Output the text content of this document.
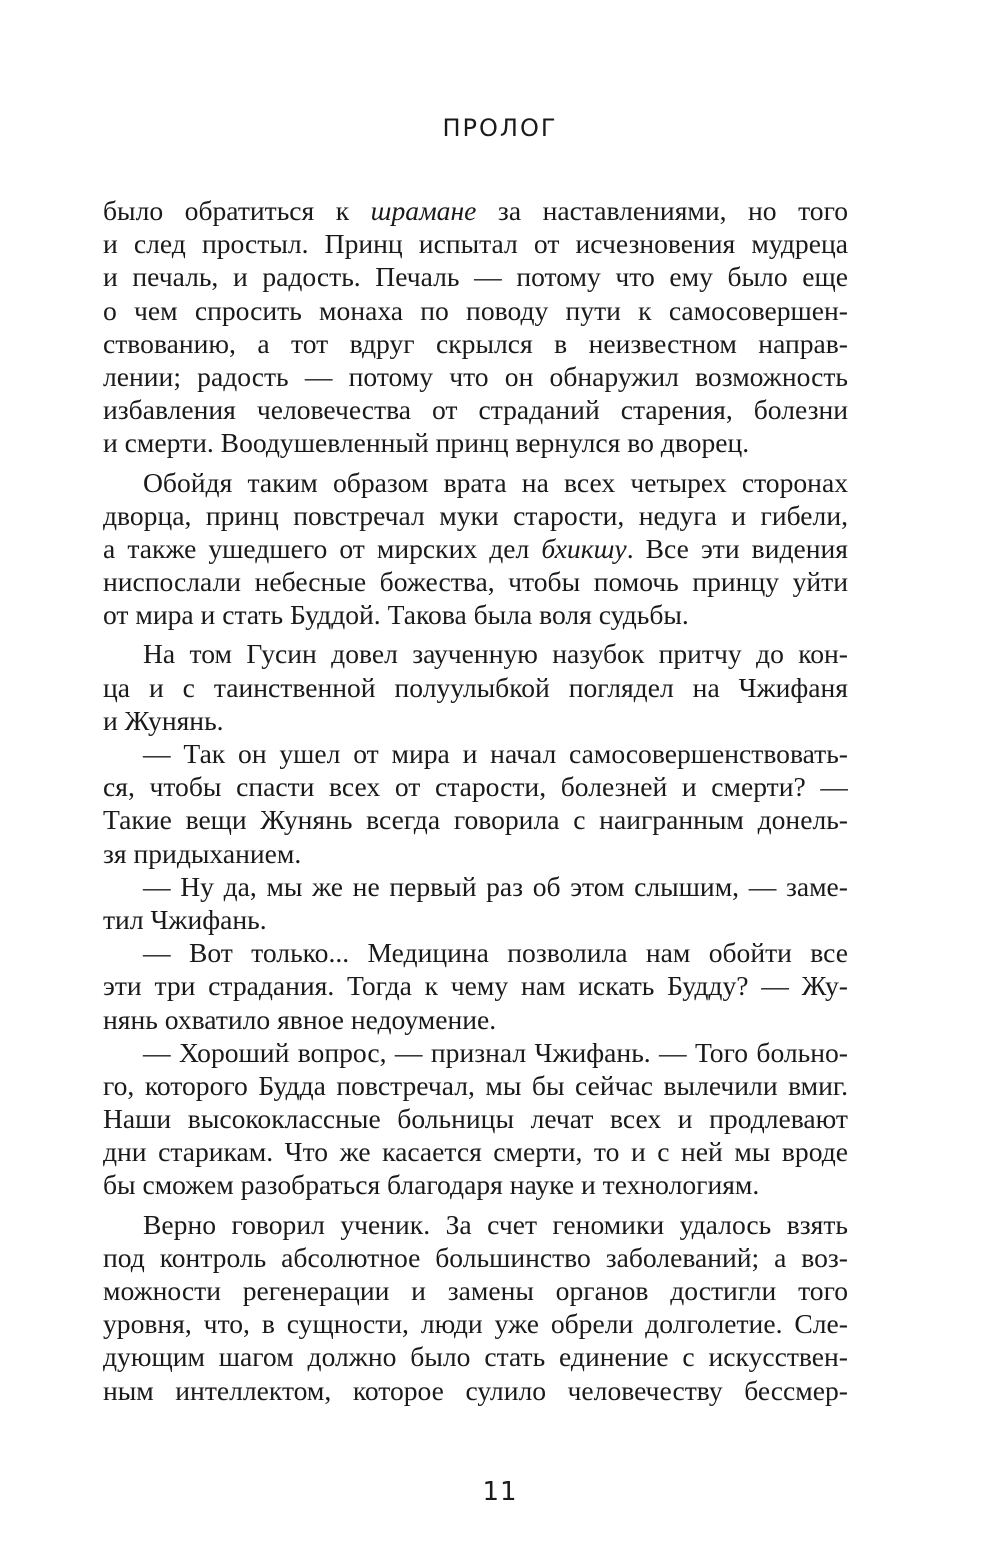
ПРОЛОГ
было обратиться к шрамане за наставлениями, но того
и след простыл. Принц испытал от исчезновения мудреца
и печаль, и радость. Печаль — потому что ему было еще
о чем спросить монаха по поводу пути к самосовершен-
ствованию, а тот вдруг скрылся в неизвестном направ-
лении; радость — потому что он обнаружил возможность
избавления человечества от страданий старения, болезни
и смерти. Воодушевленный принц вернулся во дворец.
Обойдя таким образом врата на всех четырех сторонах
дворца, принц повстречал муки старости, недуга и гибели,
а также ушедшего от мирских дел бхикшу. Все эти видения
ниспослали небесные божества, чтобы помочь принцу уйти
от мира и стать Буддой. Такова была воля судьбы.
На том Гусин довел заученную назубок притчу до кон-
ца и с таинственной полуулыбкой поглядел на Чжифаня
и Жунянь.
— Так он ушел от мира и начал самосовершенствовать-
ся, чтобы спасти всех от старости, болезней и смерти? —
Такие вещи Жунянь всегда говорила с наигранным донель-
зя придыханием.
— Ну да, мы же не первый раз об этом слышим, — заме-
тил Чжифань.
— Вот только... Медицина позволила нам обойти все
эти три страдания. Тогда к чему нам искать Будду? — Жу-
нянь охватило явное недоумение.
— Хороший вопрос, — признал Чжифань. — Того больно-
го, которого Будда повстречал, мы бы сейчас вылечили вмиг.
Наши высококлассные больницы лечат всех и продлевают
дни старикам. Что же касается смерти, то и с ней мы вроде
бы сможем разобраться благодаря науке и технологиям.
Верно говорил ученик. За счет геномики удалось взять
под контроль абсолютное большинство заболеваний; а воз-
можности регенерации и замены органов достигли того
уровня, что, в сущности, люди уже обрели долголетие. Сле-
дующим шагом должно было стать единение с искусствен-
ным интеллектом, которое сулило человечеству бессмер-
11
